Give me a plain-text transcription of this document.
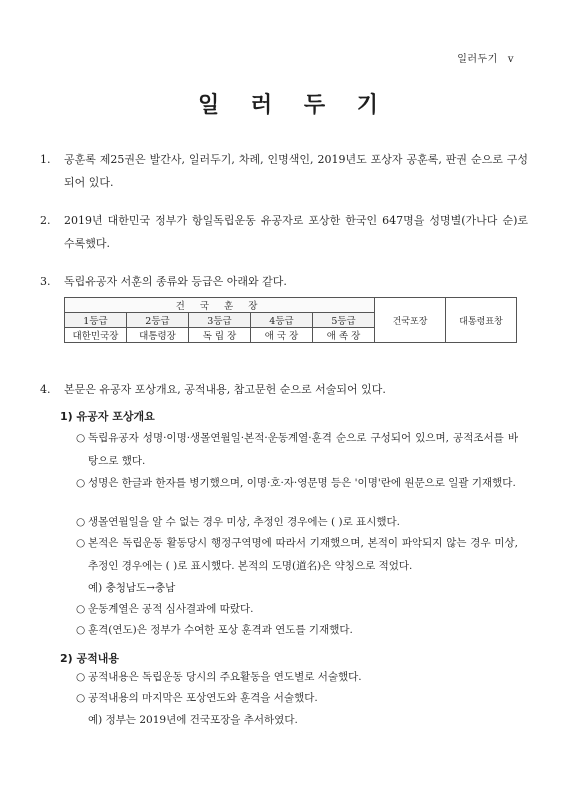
일러두기 v
일 러 두 기
1. 공훈록 제25권은 발간사, 일러두기, 차례, 인명색인, 2019년도 포상자 공훈록, 판권 순으로 구성되어 있다.
2. 2019년 대한민국 정부가 항일독립운동 유공자로 포상한 한국인 647명을 성명별(가나다 순)로 수록했다.
3. 독립유공자 서훈의 종류와 등급은 아래와 같다.
건 국 훈 장					건국포장	대통령표창
1등급	2등급	3등급	4등급	5등급		
대한민국장	대통령장	독 립 장	애 국 장	애 족 장		
4. 본문은 유공자 포상개요, 공적내용, 참고문헌 순으로 서술되어 있다.
1) 유공자 포상개요
○ 독립유공자 성명·이명·생몰연월일·본적·운동계열·훈격 순으로 구성되어 있으며, 공적조서를 바탕으로 했다.
○ 성명은 한글과 한자를 병기했으며, 이명·호·자·영문명 등은 '이명'란에 원문으로 일괄 기재했다.
○ 생몰연월일을 알 수 없는 경우 미상, 추정인 경우에는 ( )로 표시했다.
○ 본적은 독립운동 활동당시 행정구역명에 따라서 기재했으며, 본적이 파악되지 않는 경우 미상, 추정인 경우에는 ( )로 표시했다. 본적의 도명(道名)은 약칭으로 적었다.
예) 충청남도→충남
○ 운동계열은 공적 심사결과에 따랐다.
○ 훈격(연도)은 정부가 수여한 포상 훈격과 연도를 기재했다.
2) 공적내용
○ 공적내용은 독립운동 당시의 주요활동을 연도별로 서술했다.
○ 공적내용의 마지막은 포상연도와 훈격을 서술했다.
예) 정부는 2019년에 건국포장을 추서하였다.
